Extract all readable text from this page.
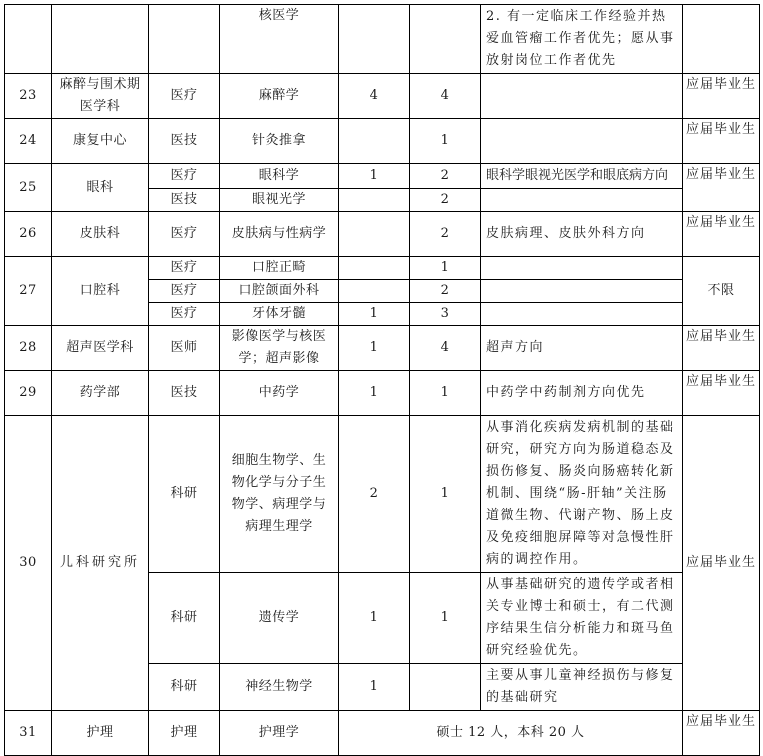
			核医学			2. 有一定临床工作经验并热爱血管瘤工作者优先；愿从事放射岗位工作者优先	
23	麻醉与围术期医学科	医疗	麻醉学	4	4		应届毕业生
24	康复中心	医技	针灸推拿		1		应届毕业生
25	眼科	医疗	眼科学	1	2	眼科学眼视光医学和眼底病方向	应届毕业生
		医技	眼视光学		2		
26	皮肤科	医疗	皮肤病与性病学		2	皮肤病理、皮肤外科方向	应届毕业生
27	口腔科	医疗	口腔正畸		1		不限
		医疗	口腔颌面外科		2		
		医疗	牙体牙髓	1	3		
28	超声医学科	医师	影像医学与核医学；超声影像	1	4	超声方向	应届毕业生
29	药学部	医技	中药学	1	1	中药学中药制剂方向优先	应届毕业生
30	儿科研究所	科研	细胞生物学、生物化学与分子生物学、病理学与病理生理学	2	1	从事消化疾病发病机制的基础研究，研究方向为肠道稳态及损伤修复、肠炎向肠癌转化新机制、围绕“肠-肝轴”关注肠道微生物、代谢产物、肠上皮及免疫细胞屏障等对急慢性肝病的调控作用。	应届毕业生
		科研	遗传学	1	1	从事基础研究的遗传学或者相关专业博士和硕士，有二代测序结果生信分析能力和斑马鱼研究经验优先。	
		科研	神经生物学	1		主要从事儿童神经损伤与修复的基础研究	
31	护理	护理	护理学	硕士 12 人，本科 20 人			应届毕业生
